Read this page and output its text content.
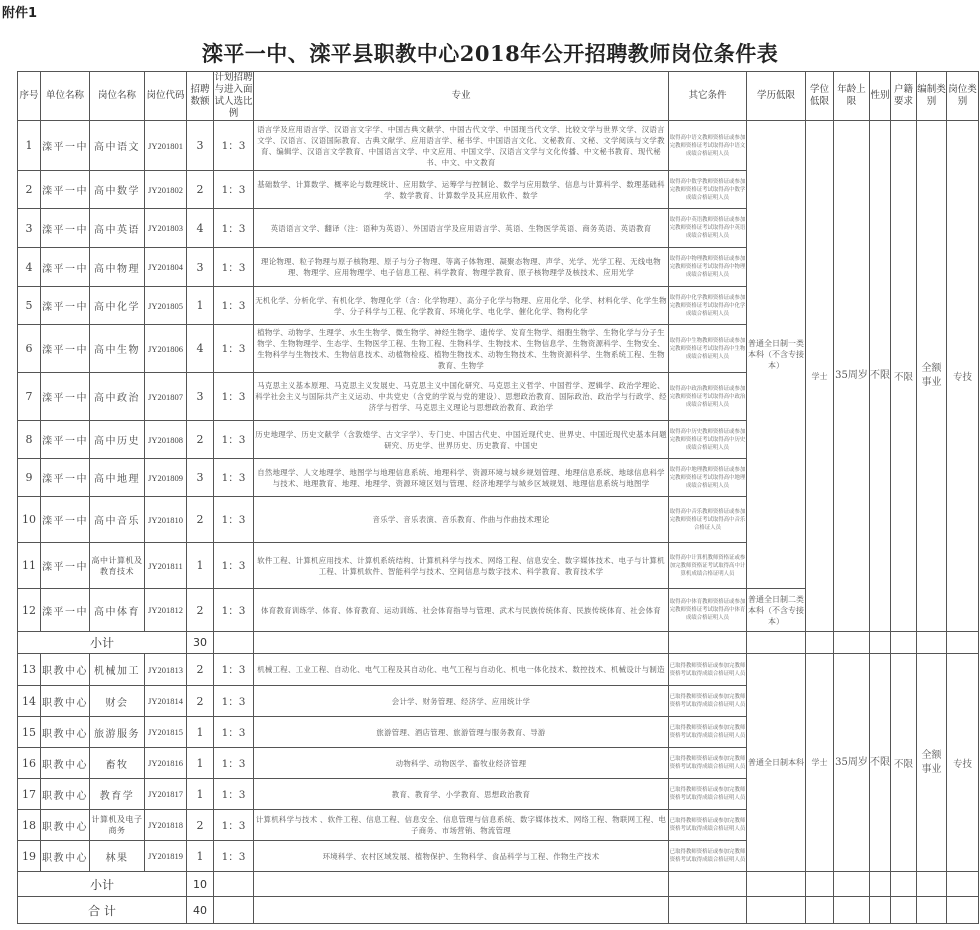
附件1
滦平一中、滦平县职教中心2018年公开招聘教师岗位条件表
序号	单位名称	岗位名称	岗位代码	招聘数额	计划招聘与进入面试人选比例	专业	其它条件	学历低限	学位低限	年龄上限	性别	户籍要求	编制类别	岗位类别
1	滦平一中	高中语文	JY201801	3	1：3	语言学及应用语言学、汉语言文字学、中国古典文献学、中国古代文学、中国现当代文学、比较文学与世界文学、汉语言文学、汉语言、汉语国际教育、古典文献学、应用语言学、秘书学、中国语言文化、文秘教育、文秘、文学阅读与文学教育、编辑学、汉语言文学教育、中国语言文学、中文应用、中国文学、汉语言文学与文化传播、中文秘书教育、现代秘书、中文、中文教育	取得高中语文教师资格证或参加完教师资格证考试取得高中语文成绩合格证明人员	普通全日制一类本科（不含专接本）	学士	35周岁	不限	不限	全额事业	专技
2	滦平一中	高中数学	JY201802	2	1：3	基础数学、计算数学、概率论与数理统计、应用数学、运筹学与控制论、数学与应用数学、信息与计算科学、数理基础科学、数学教育、计算数学及其应用软件、数学	取得高中数学教师资格证或参加完教师资格证考试取得高中数学成绩合格证明人员							
3	滦平一中	高中英语	JY201803	4	1：3	英语语言文学、翻译（注：语种为英语）、外国语言学及应用语言学、英语、生物医学英语、商务英语、英语教育	取得高中英语教师资格证或参加完教师资格证考试取得高中英语成绩合格证明人员							
4	滦平一中	高中物理	JY201804	3	1：3	理论物理、粒子物理与原子核物理、原子与分子物理、等离子体物理、凝聚态物理、声学、光学、光学工程、无线电物理、物理学、应用物理学、电子信息工程、科学教育、物理学教育、原子核物理学及核技术、应用光学	取得高中物理教师资格证或参加完教师资格证考试取得高中物理成绩合格证明人员							
5	滦平一中	高中化学	JY201805	1	1：3	无机化学、分析化学、有机化学、物理化学（含：化学物理）、高分子化学与物理、应用化学、化学、材料化学、化学生物学、分子科学与工程、化学教育、环境化学、电化学、催化化学、物构化学	取得高中化学教师资格证或参加完教师资格证考试取得高中化学成绩合格证明人员							
6	滦平一中	高中生物	JY201806	4	1：3	植物学、动物学、生理学、水生生物学、微生物学、神经生物学、遗传学、发育生物学、细胞生物学、生物化学与分子生物学、生物物理学、生态学、生物医学工程、生物工程、生物科学、生物技术、生物信息学、生物资源科学、生物安全、生物科学与生物技术、生物信息技术、动植物检疫、植物生物技术、动物生物技术、生物资源科学、生物系统工程、生物教育、生物学	取得高中生物教师资格证或参加完教师资格证考试取得高中生物成绩合格证明人员							
7	滦平一中	高中政治	JY201807	3	1：3	马克思主义基本原理、马克思主义发展史、马克思主义中国化研究、马克思主义哲学、中国哲学、逻辑学、政治学理论、科学社会主义与国际共产主义运动、中共党史（含党的学说与党的建设）、思想政治教育、国际政治、政治学与行政学、经济学与哲学、马克思主义理论与思想政治教育、政治学	取得高中政治教师资格证或参加完教师资格证考试取得高中政治成绩合格证明人员							
8	滦平一中	高中历史	JY201808	2	1：3	历史地理学、历史文献学（含敦煌学、古文字学）、专门史、中国古代史、中国近现代史、世界史、中国近现代史基本问题研究、历史学、世界历史、历史教育、中国史	取得高中历史教师资格证或参加完教师资格证考试取得高中历史成绩合格证明人员							
9	滦平一中	高中地理	JY201809	3	1：3	自然地理学、人文地理学、地图学与地理信息系统、地理科学、资源环境与城乡规划管理、地理信息系统、地球信息科学与技术、地理教育、地理、地理学、资源环境区划与管理、经济地理学与城乡区域规划、地理信息系统与地图学	取得高中地理教师资格证或参加完教师资格证考试取得高中地理成绩合格证明人员							
10	滦平一中	高中音乐	JY201810	2	1：3	音乐学、音乐表演、音乐教育、作曲与作曲技术理论	取得高中音乐教师资格证或参加完教师资格证考试取得高中音乐合格证人员							
11	滦平一中	高中计算机及教育技术	JY201811	1	1：3	软件工程、计算机应用技术、计算机系统结构、计算机科学与技术、网络工程、信息安全、数字媒体技术、电子与计算机工程、计算机软件、智能科学与技术、空间信息与数字技术、科学教育、教育技术学	取得高中计算机教师资格证或参加完教师资格证考试取得高中计算机成绩合格证明人员							
12	滦平一中	高中体育	JY201812	2	1：3	体育教育训练学、体育、体育教育、运动训练、社会体育指导与管理、武术与民族传统体育、民族传统体育、社会体育	取得高中体育教师资格证或参加完教师资格证考试取得高中体育成绩合格证明人员	普通全日制二类本科（不含专接本）						
小计				30										
13	职教中心	机械加工	JY201813	2	1：3	机械工程、工业工程、自动化、电气工程及其自动化、电气工程与自动化、机电一体化技术、数控技术、机械设计与制造	已取得教师资格证或参加完教师资格考试取得成绩合格证明人员	普通全日制本科	学士	35周岁	不限	不限	全额事业	专技
14	职教中心	财会	JY201814	2	1：3	会计学、财务管理、经济学、应用统计学	已取得教师资格证或参加完教师资格考试取得成绩合格证明人员							
15	职教中心	旅游服务	JY201815	1	1：3	旅游管理、酒店管理、旅游管理与服务教育、导游	已取得教师资格证或参加完教师资格考试取得成绩合格证明人员							
16	职教中心	畜牧	JY201816	1	1：3	动物科学、动物医学、畜牧业经济管理	已取得教师资格证或参加完教师资格考试取得成绩合格证明人员							
17	职教中心	教育学	JY201817	1	1：3	教育、教育学、小学教育、思想政治教育	已取得教师资格证或参加完教师资格考试取得成绩合格证明人员							
18	职教中心	计算机及电子商务	JY201818	2	1：3	计算机科学与技术 、软件工程、信息工程、信息安全、信息管理与信息系统、数字媒体技术、网络工程、物联网工程、电子商务、市场营销、物流管理	已取得教师资格证或参加完教师资格考试取得成绩合格证明人员							
19	职教中心	林果	JY201819	1	1：3	环境科学、农村区域发展、植物保护、生物科学、食品科学与工程、作物生产技术	已取得教师资格证或参加完教师资格考试取得成绩合格证明人员							
小计				10										
合 计				40										
